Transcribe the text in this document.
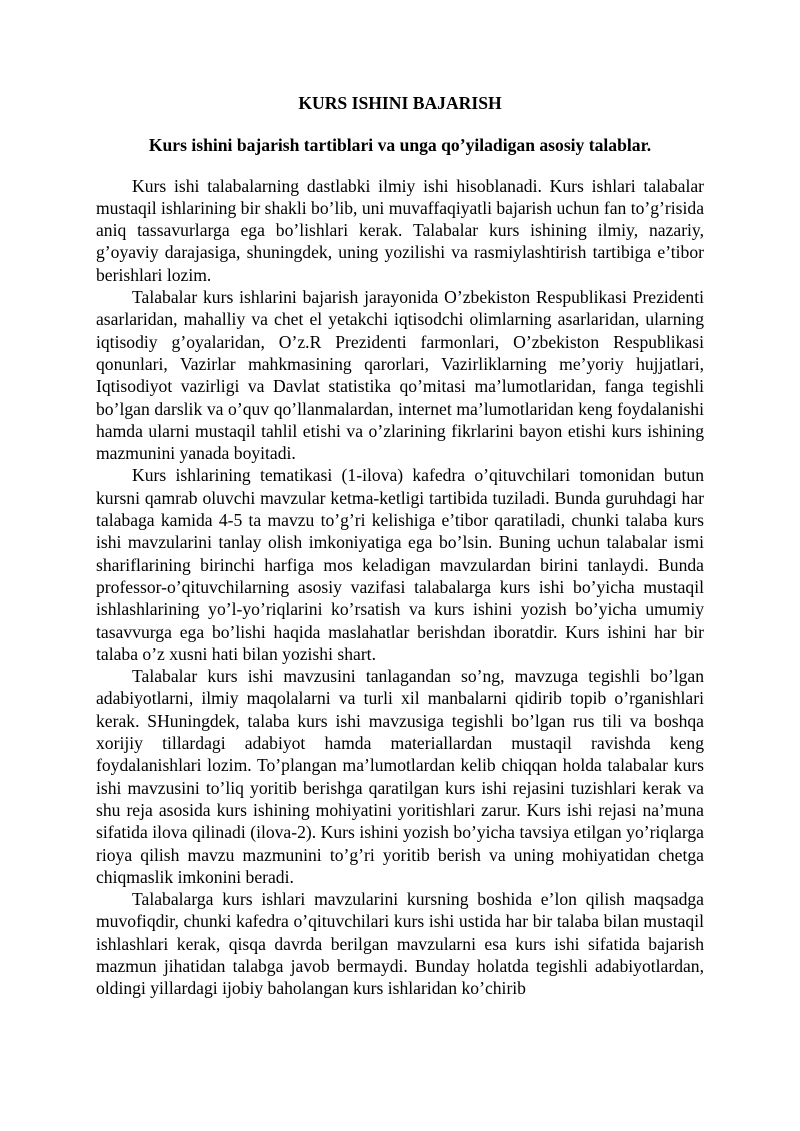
KURS ISHINI BAJARISH
Kurs ishini bajarish tartiblari va unga qo’yiladigan asosiy talablar.

Kurs ishi talabalarning dastlabki ilmiy ishi hisoblanadi. Kurs ishlari talabalar mustaqil ishlarining bir shakli bo’lib, uni muvaffaqiyatli bajarish uchun fan to’g’risida aniq tassavurlarga ega bo’lishlari kerak. Talabalar kurs ishining ilmiy, nazariy, g’oyaviy darajasiga, shuningdek, uning yozilishi va rasmiylashtirish tartibiga e’tibor berishlari lozim.

Talabalar kurs ishlarini bajarish jarayonida O’zbekiston Respublikasi Prezidenti asarlaridan, mahalliy va chet el yetakchi iqtisodchi olimlarning asarlaridan, ularning iqtisodiy g’oyalaridan, O’z.R Prezidenti farmonlari, O’zbekiston Respublikasi qonunlari, Vazirlar mahkmasining qarorlari, Vazirliklarning me’yoriy hujjatlari, Iqtisodiyot vazirligi va Davlat statistika qo’mitasi ma’lumotlaridan, fanga tegishli bo’lgan darslik va o’quv qo’llanmalardan, internet ma’lumotlaridan keng foydalanishi hamda ularni mustaqil tahlil etishi va o’zlarining fikrlarini bayon etishi kurs ishining mazmunini yanada boyitadi.

Kurs ishlarining tematikasi (1-ilova) kafedra o’qituvchilari tomonidan butun kursni qamrab oluvchi mavzular ketma-ketligi tartibida tuziladi. Bunda guruhdagi har talabaga kamida 4-5 ta mavzu to’g’ri kelishiga e’tibor qaratiladi, chunki talaba kurs ishi mavzularini tanlay olish imkoniyatiga ega bo’lsin. Buning uchun talabalar ismi shariflarining birinchi harfiga mos keladigan mavzulardan birini tanlaydi. Bunda professor-o’qituvchilarning asosiy vazifasi talabalarga kurs ishi bo’yicha mustaqil ishlashlarining yo’l-yo’riqlarini ko’rsatish va kurs ishini yozish bo’yicha umumiy tasavvurga ega bo’lishi haqida maslahatlar berishdan iboratdir. Kurs ishini har bir talaba o’z xusni hati bilan yozishi shart.

Talabalar kurs ishi mavzusini tanlagandan so’ng, mavzuga tegishli bo’lgan adabiyotlarni, ilmiy maqolalarni va turli xil manbalarni qidirib topib o’rganishlari kerak. SHuningdek, talaba kurs ishi mavzusiga tegishli bo’lgan rus tili va boshqa xorijiy tillardagi adabiyot hamda materiallardan mustaqil ravishda keng foydalanishlari lozim. To’plangan ma’lumotlardan kelib chiqqan holda talabalar kurs ishi mavzusini to’liq yoritib berishga qaratilgan kurs ishi rejasini tuzishlari kerak va shu reja asosida kurs ishining mohiyatini yoritishlari zarur. Kurs ishi rejasi na’muna sifatida ilova qilinadi (ilova-2). Kurs ishini yozish bo’yicha tavsiya etilgan yo’riqlarga rioya qilish mavzu mazmunini to’g’ri yoritib berish va uning mohiyatidan chetga chiqmaslik imkonini beradi.

Talabalarga kurs ishlari mavzularini kursning boshida e’lon qilish maqsadga muvofiqdir, chunki kafedra o’qituvchilari kurs ishi ustida har bir talaba bilan mustaqil ishlashlari kerak, qisqa davrda berilgan mavzularni esa kurs ishi sifatida bajarish mazmun jihatidan talabga javob bermaydi. Bunday holatda tegishli adabiyotlardan, oldingi yillardagi ijobiy baholangan kurs ishlaridan ko’chirib
